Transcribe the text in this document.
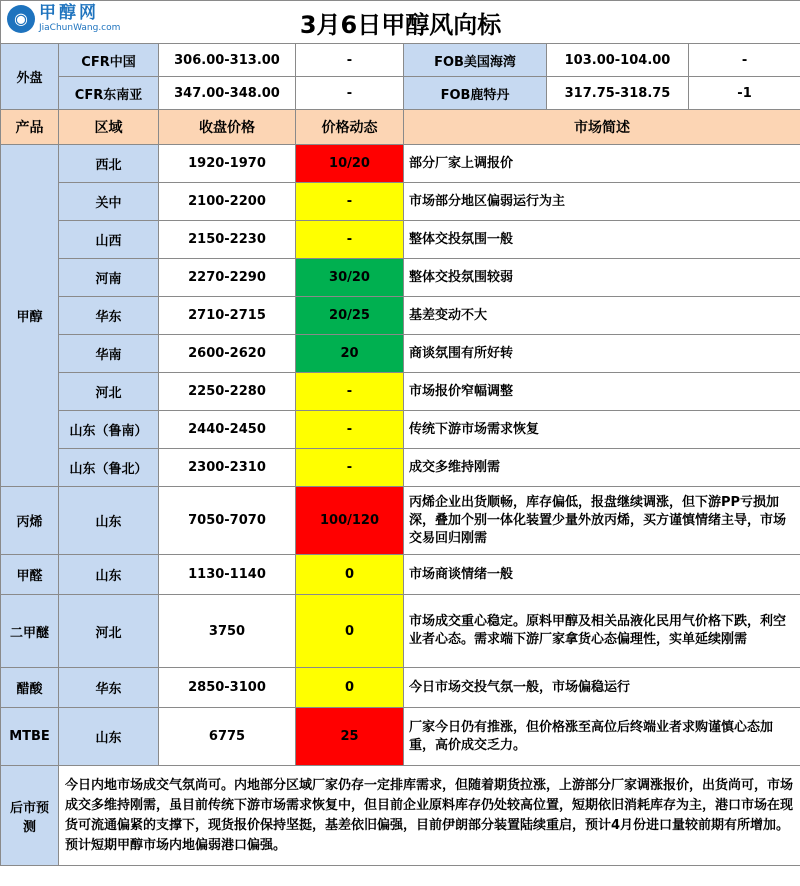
◉ 甲醇网
JiaChunWang.com 3月6日甲醇风向标						
外盘	CFR中国	306.00-313.00	-	FOB美国海湾	103.00-104.00	-
	CFR东南亚	347.00-348.00	-	FOB鹿特丹	317.75-318.75	-1
产品	区域	收盘价格	价格动态	市场简述		
甲醇	西北	1920-1970	10/20	部分厂家上调报价		
	关中	2100-2200	-	市场部分地区偏弱运行为主		
	山西	2150-2230	-	整体交投氛围一般		
	河南	2270-2290	30/20	整体交投氛围较弱		
	华东	2710-2715	20/25	基差变动不大		
	华南	2600-2620	20	商谈氛围有所好转		
	河北	2250-2280	-	市场报价窄幅调整		
	山东（鲁南）	2440-2450	-	传统下游市场需求恢复		
	山东（鲁北）	2300-2310	-	成交多维持刚需		
丙烯	山东	7050-7070	100/120	丙烯企业出货顺畅，库存偏低，报盘继续调涨，但下游PP亏损加深，叠加个别一体化装置少量外放丙烯，买方谨慎情绪主导，市场交易回归刚需		
甲醛	山东	1130-1140	0	市场商谈情绪一般		
二甲醚	河北	3750	0	市场成交重心稳定。原料甲醇及相关品液化民用气价格下跌，利空业者心态。需求端下游厂家拿货心态偏理性，实单延续刚需		
醋酸	华东	2850-3100	0	今日市场交投气氛一般，市场偏稳运行		
MTBE	山东	6775	25	厂家今日仍有推涨，但价格涨至高位后终端业者求购谨慎心态加重，高价成交乏力。		
后市预测	今日内地市场成交气氛尚可。内地部分区域厂家仍存一定排库需求，但随着期货拉涨，上游部分厂家调涨报价，出货尚可，市场成交多维持刚需，虽目前传统下游市场需求恢复中，但目前企业原料库存仍处较高位置，短期依旧消耗库存为主，港口市场在现货可流通偏紧的支撑下，现货报价保持坚挺，基差依旧偏强，目前伊朗部分装置陆续重启，预计4月份进口量较前期有所增加。预计短期甲醇市场内地偏弱港口偏强。					
